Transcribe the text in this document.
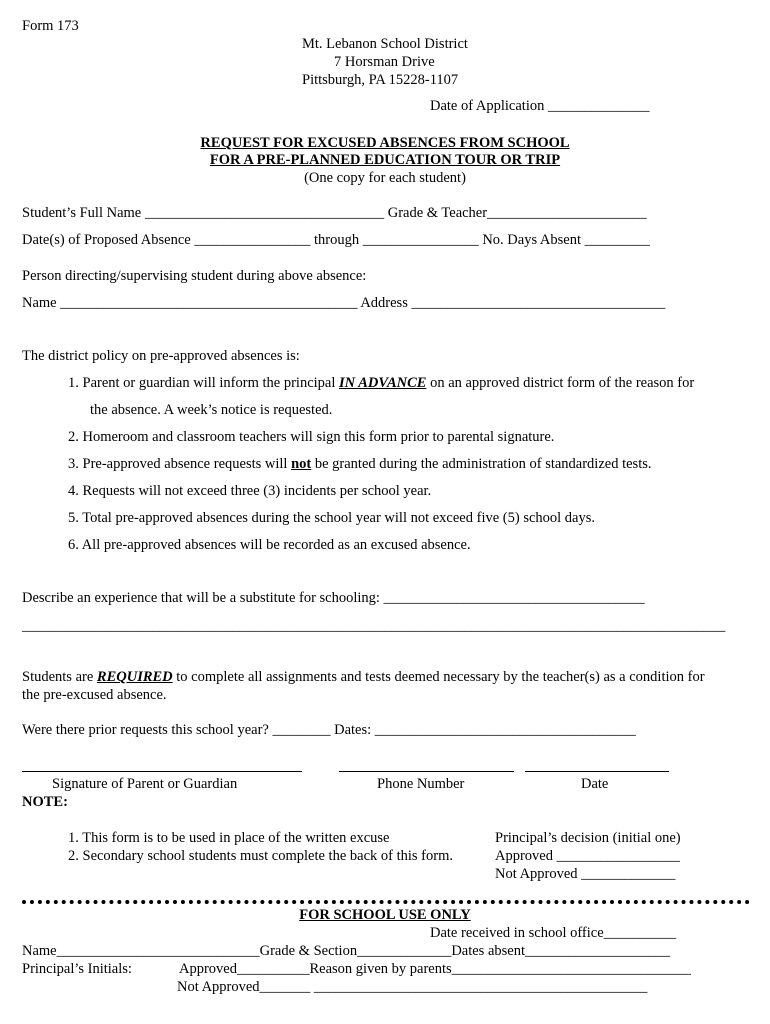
Form 173
Mt. Lebanon School District
7 Horsman Drive
Pittsburgh, PA 15228-1107
Date of Application ______________
REQUEST FOR EXCUSED ABSENCES FROM SCHOOL
FOR A PRE-PLANNED EDUCATION TOUR OR TRIP
(One copy for each student)
Student’s Full Name _________________________________ Grade & Teacher______________________
Date(s) of Proposed Absence ________________ through ________________ No. Days Absent _________
Person directing/supervising student during above absence:
Name _________________________________________ Address ___________________________________
The district policy on pre-approved absences is:
1. Parent or guardian will inform the principal IN ADVANCE on an approved district form of the reason for
the absence. A week’s notice is requested.
2. Homeroom and classroom teachers will sign this form prior to parental signature.
3. Pre-approved absence requests will not be granted during the administration of standardized tests.
4. Requests will not exceed three (3) incidents per school year.
5. Total pre-approved absences during the school year will not exceed five (5) school days.
6. All pre-approved absences will be recorded as an excused absence.
Describe an experience that will be a substitute for schooling: ____________________________________
_________________________________________________________________________________________________
Students are REQUIRED to complete all assignments and tests deemed necessary by the teacher(s) as a condition for
the pre-excused absence.
Were there prior requests this school year? ________ Dates: ____________________________________
Signature of Parent or Guardian	Phone Number	Date
NOTE:
1. This form is to be used in place of the written excuse
2. Secondary school students must complete the back of this form.
Principal’s decision (initial one)
Approved _________________
Not Approved _____________
FOR SCHOOL USE ONLY
Date received in school office__________
Name____________________________Grade & Section_____________Dates absent____________________
Principal’s Initials:	Approved__________Reason given by parents_________________________________
Not Approved_______ ______________________________________________
